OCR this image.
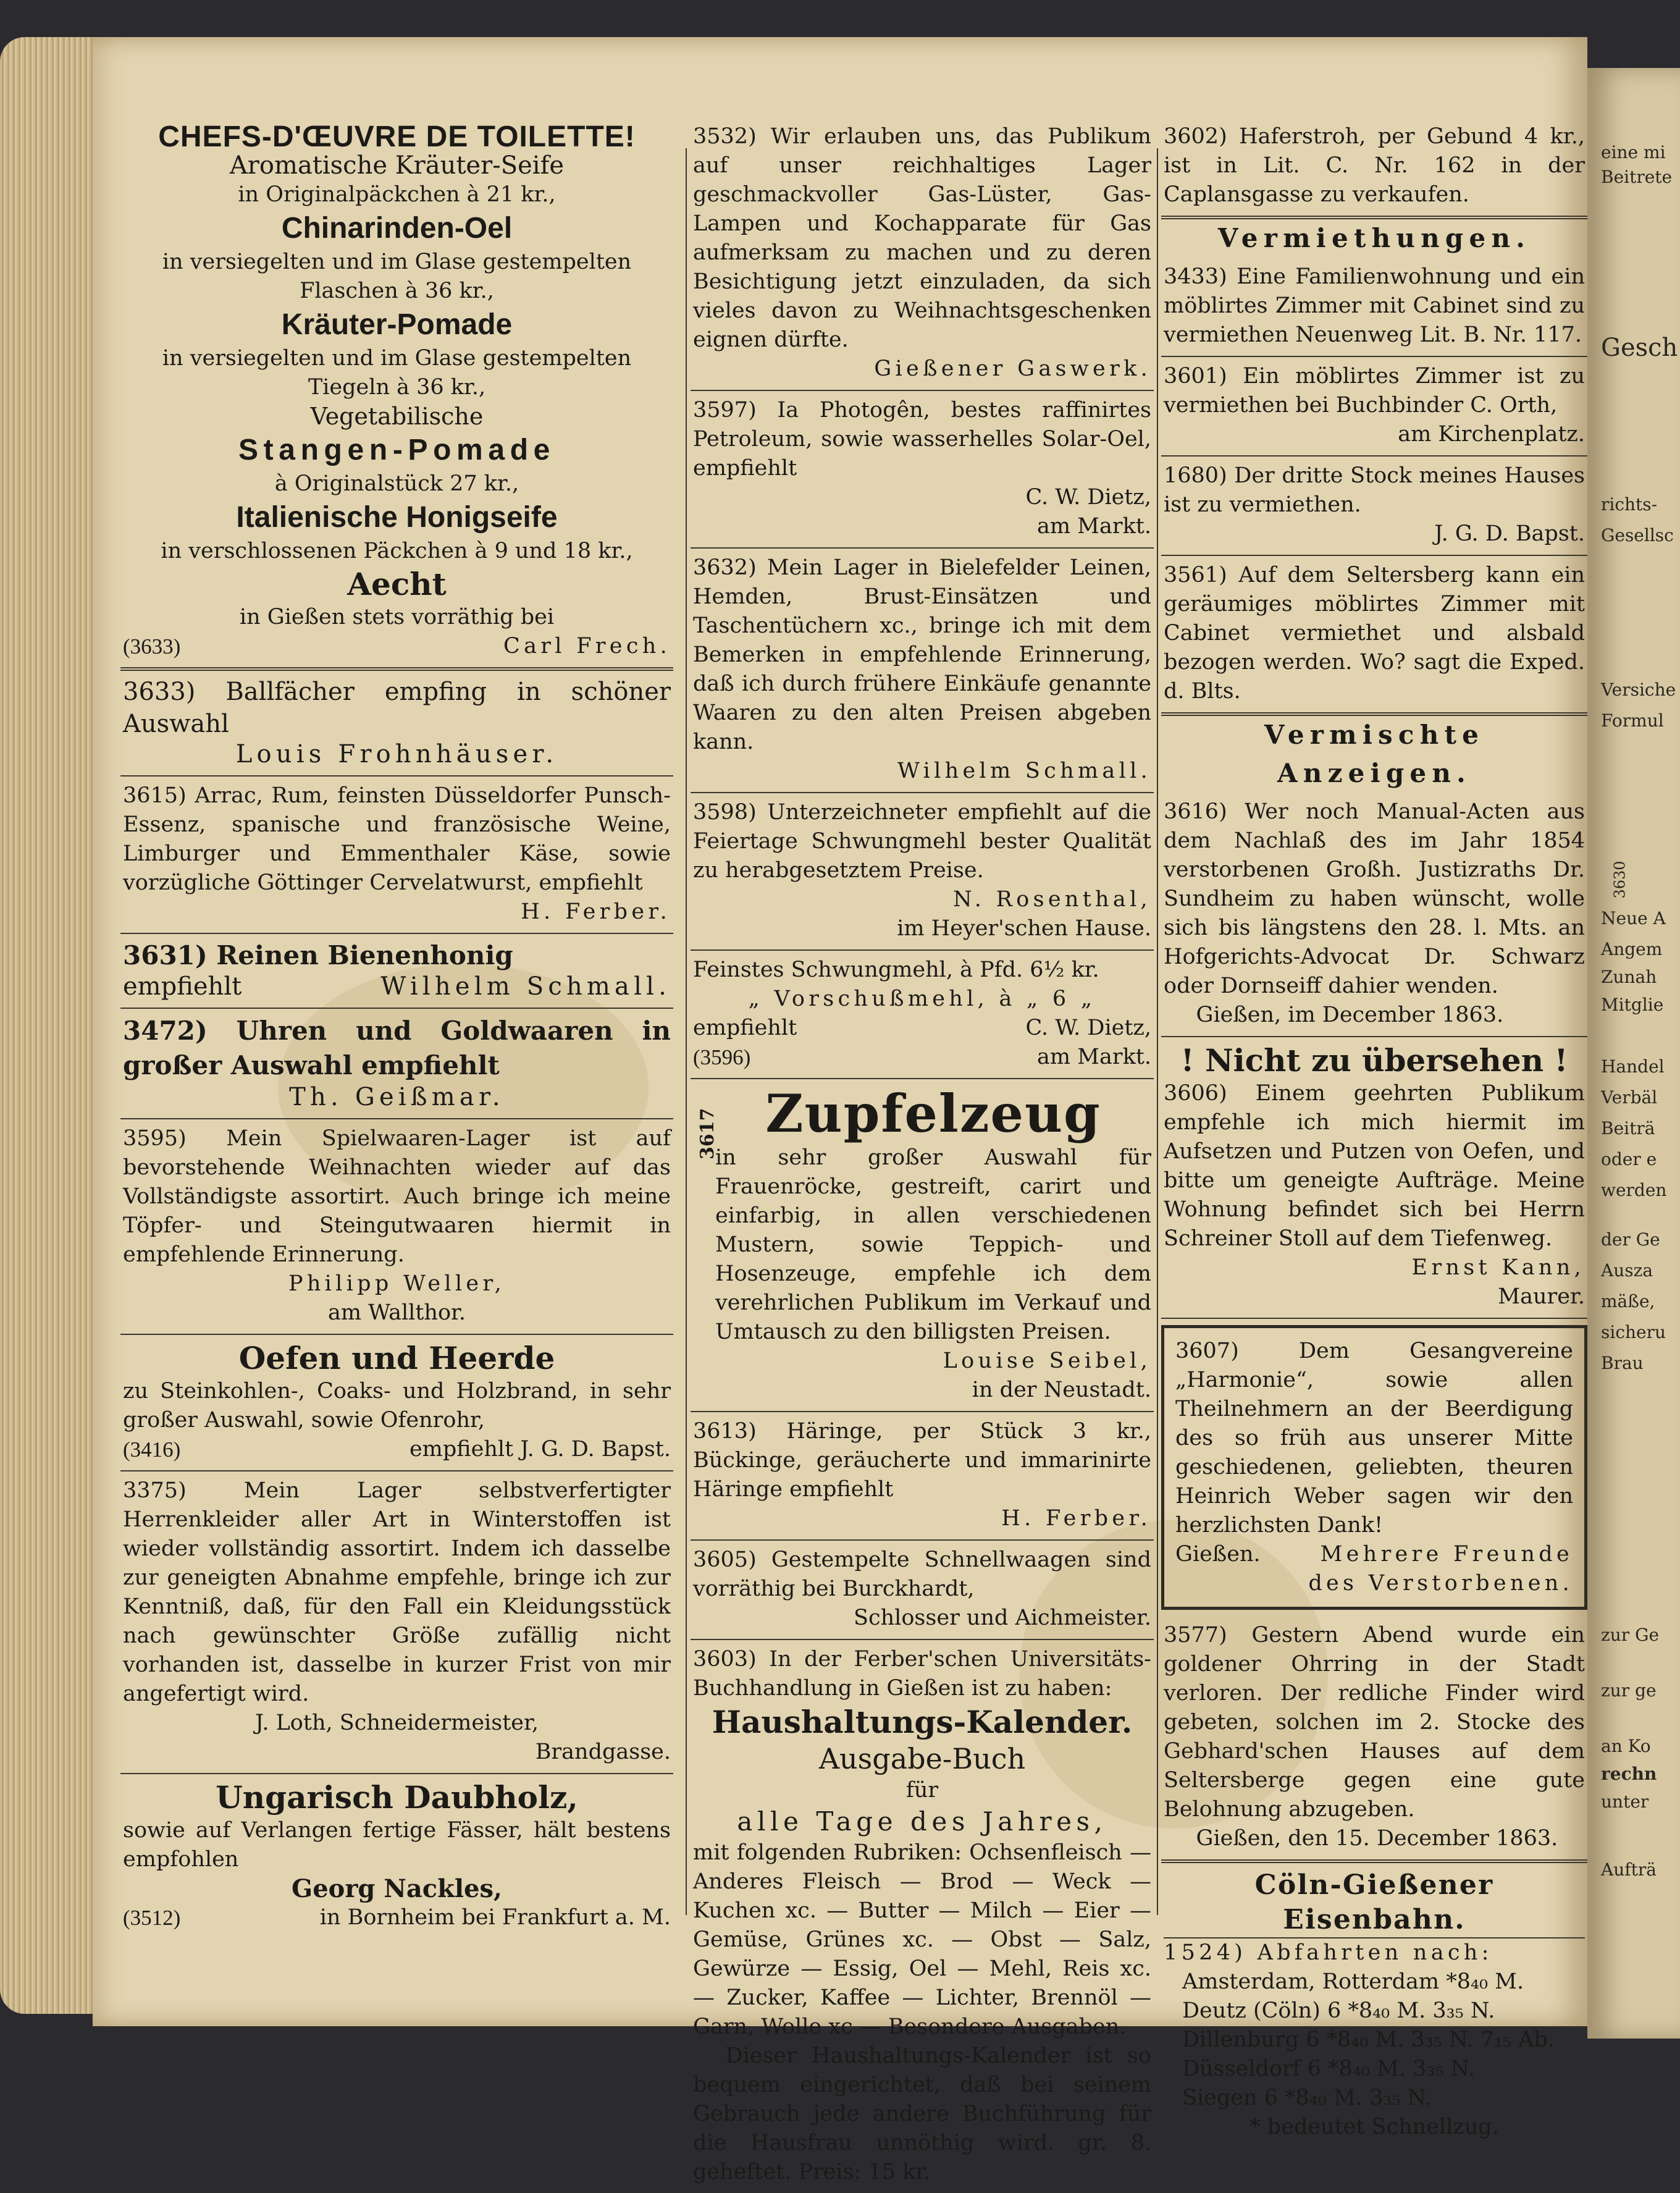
eine mi
Beitrete
Gesch
richts-
Gesellsc
Versiche
Formul
3630
Neue A
Angem
Zunah
Mitglie
Handel
Verbäl
Beiträ
oder e
werden
der Ge
Ausza
mäße,
sicheru
Brau
zur Ge
zur ge
an Ko
rechn
unter
Aufträ
CHEFS-D'ŒUVRE DE TOILETTE!
Aromatische Kräuter-Seife
in Originalpäckchen à 21 kr.,
Chinarinden-Oel
in versiegelten und im Glase gestempelten Flaschen à 36 kr.,
Kräuter-Pomade
in versiegelten und im Glase gestempelten Tiegeln à 36 kr.,
Vegetabilische
Stangen-Pomade
à Originalstück 27 kr.,
Italienische Honigseife
in verschlossenen Päckchen à 9 und 18 kr.,
Aecht
in Gießen stets vorräthig bei
(3633)	Carl Frech.
3633) Ballfächer empfing in schöner Auswahl
Louis Frohnhäuser.
3615) Arrac, Rum, feinsten Düsseldorfer Punsch-Essenz, spanische und französische Weine, Limburger und Emmenthaler Käse, sowie vorzügliche Göttinger Cervelatwurst, empfiehlt
H. Ferber.
3631) Reinen Bienenhonig
empfiehlt	Wilhelm Schmall.
3472) Uhren und Goldwaaren in großer Auswahl empfiehlt
Th. Geißmar.
3595) Mein Spielwaaren-Lager ist auf bevorstehende Weihnachten wieder auf das Vollständigste assortirt. Auch bringe ich meine Töpfer- und Steingutwaaren hiermit in empfehlende Erinnerung.
Philipp Weller,
am Wallthor.
Oefen und Heerde
zu Steinkohlen-, Coaks- und Holzbrand, in sehr großer Auswahl, sowie Ofenrohr,
(3416)	empfiehlt J. G. D. Bapst.
3375) Mein Lager selbstverfertigter Herrenkleider aller Art in Winterstoffen ist wieder vollständig assortirt. Indem ich dasselbe zur geneigten Abnahme empfehle, bringe ich zur Kenntniß, daß, für den Fall ein Kleidungsstück nach gewünschter Größe zufällig nicht vorhanden ist, dasselbe in kurzer Frist von mir angefertigt wird.
J. Loth, Schneidermeister,
Brandgasse.
Ungarisch Daubholz,
sowie auf Verlangen fertige Fässer, hält bestens empfohlen
Georg Nackles,
(3512)	in Bornheim bei Frankfurt a. M.
3532) Wir erlauben uns, das Publikum auf unser reichhaltiges Lager geschmackvoller Gas-Lüster, Gas-Lampen und Kochapparate für Gas aufmerksam zu machen und zu deren Besichtigung jetzt einzuladen, da sich vieles davon zu Weihnachtsgeschenken eignen dürfte.
Gießener Gaswerk.
3597) Ia Photogên, bestes raffinirtes Petroleum, sowie wasserhelles Solar-Oel, empfiehlt
C. W. Dietz,
am Markt.
3632) Mein Lager in Bielefelder Leinen, Hemden, Brust-Einsätzen und Taschentüchern xc., bringe ich mit dem Bemerken in empfehlende Erinnerung, daß ich durch frühere Einkäufe genannte Waaren zu den alten Preisen abgeben kann.
Wilhelm Schmall.
3598) Unterzeichneter empfiehlt auf die Feiertage Schwungmehl bester Qualität zu herabgesetztem Preise.
N. Rosenthal,
im Heyer'schen Hause.
Feinstes Schwungmehl, à Pfd. 6½ kr.
„ Vorschußmehl, à „ 6 „
empfiehlt	C. W. Dietz,
(3596)	am Markt.
3617 Zupfelzeug
in sehr großer Auswahl für Frauenröcke, gestreift, carirt und einfarbig, in allen verschiedenen Mustern, sowie Teppich- und Hosenzeuge, empfehle ich dem verehrlichen Publikum im Verkauf und Umtausch zu den billigsten Preisen.
Louise Seibel,
in der Neustadt.
3613) Häringe, per Stück 3 kr., Bückinge, geräucherte und immarinirte Häringe empfiehlt
H. Ferber.
3605) Gestempelte Schnellwaagen sind vorräthig bei Burckhardt,
Schlosser und Aichmeister.
3603) In der Ferber'schen Universitäts-Buchhandlung in Gießen ist zu haben:
Haushaltungs-Kalender.
Ausgabe-Buch
für
alle Tage des Jahres,
mit folgenden Rubriken: Ochsenfleisch — Anderes Fleisch — Brod — Weck — Kuchen xc. — Butter — Milch — Eier — Gemüse, Grünes xc. — Obst — Salz, Gewürze — Essig, Oel — Mehl, Reis xc. — Zucker, Kaffee — Lichter, Brennöl — Garn, Wolle xc — Besondere Ausgaben.
Dieser Haushaltungs-Kalender ist so bequem eingerichtet, daß bei seinem Gebrauch jede andere Buchführung für die Hausfrau unnöthig wird. gr. 8. geheftet. Preis: 15 kr.
3602) Haferstroh, per Gebund 4 kr., ist in Lit. C. Nr. 162 in der Caplansgasse zu verkaufen.
Vermiethungen.
3433) Eine Familienwohnung und ein möblirtes Zimmer mit Cabinet sind zu vermiethen Neuenweg Lit. B. Nr. 117.
3601) Ein möblirtes Zimmer ist zu vermiethen bei Buchbinder C. Orth,
am Kirchenplatz.
1680) Der dritte Stock meines Hauses ist zu vermiethen.
J. G. D. Bapst.
3561) Auf dem Seltersberg kann ein geräumiges möblirtes Zimmer mit Cabinet vermiethet und alsbald bezogen werden. Wo? sagt die Exped. d. Blts.
Vermischte Anzeigen.
3616) Wer noch Manual-Acten aus dem Nachlaß des im Jahr 1854 verstorbenen Großh. Justizraths Dr. Sundheim zu haben wünscht, wolle sich bis längstens den 28. l. Mts. an Hofgerichts-Advocat Dr. Schwarz oder Dornseiff dahier wenden.
Gießen, im December 1863.
! Nicht zu übersehen !
3606) Einem geehrten Publikum empfehle ich mich hiermit im Aufsetzen und Putzen von Oefen, und bitte um geneigte Aufträge. Meine Wohnung befindet sich bei Herrn Schreiner Stoll auf dem Tiefenweg.
Ernst Kann,
Maurer.
3607) Dem Gesangvereine „Harmonie“, sowie allen Theilnehmern an der Beerdigung des so früh aus unserer Mitte geschiedenen, geliebten, theuren Heinrich Weber sagen wir den herzlichsten Dank!
Gießen.	Mehrere Freunde
des Verstorbenen.
3577) Gestern Abend wurde ein goldener Ohrring in der Stadt verloren. Der redliche Finder wird gebeten, solchen im 2. Stocke des Gebhard'schen Hauses auf dem Seltersberge gegen eine gute Belohnung abzugeben.
Gießen, den 15. December 1863.
Cöln-Gießener Eisenbahn.
1524) Abfahrten nach:
Amsterdam, Rotterdam *8₄₀ M.
Deutz (Cöln) 6 *8₄₀ M. 3₃₅ N.
Dillenburg 6 *8₄₀ M. 3₃₅ N. 7₁₅ Ab.
Düsseldorf 6 *8₄₀ M. 3₃₅ N.
Siegen 6 *8₄₀ M. 3₃₅ N.
* bedeutet Schnellzug.
